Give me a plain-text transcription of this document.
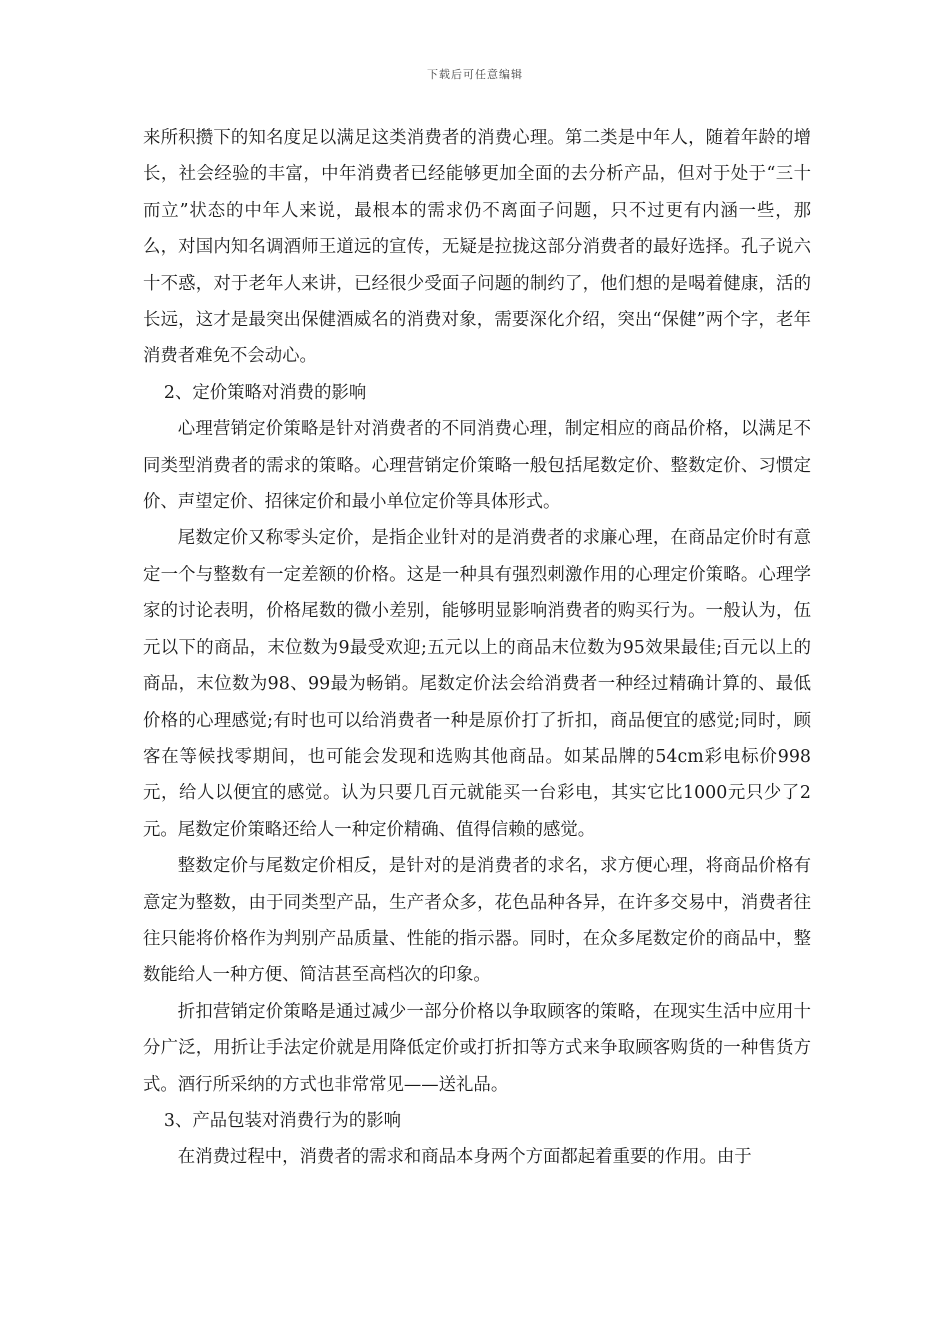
下载后可任意编辑

来所积攒下的知名度足以满足这类消费者的消费心理。第二类是中年人，随着年龄的增长，社会经验的丰富，中年消费者已经能够更加全面的去分析产品，但对于处于“三十而立”状态的中年人来说，最根本的需求仍不离面子问题，只不过更有内涵一些，那么，对国内知名调酒师王道远的宣传，无疑是拉拢这部分消费者的最好选择。孔子说六十不惑，对于老年人来讲，已经很少受面子问题的制约了，他们想的是喝着健康，活的长远，这才是最突出保健酒威名的消费对象，需要深化介绍，突出“保健”两个字，老年消费者难免不会动心。

2、定价策略对消费的影响

心理营销定价策略是针对消费者的不同消费心理，制定相应的商品价格，以满足不同类型消费者的需求的策略。心理营销定价策略一般包括尾数定价、整数定价、习惯定价、声望定价、招徕定价和最小单位定价等具体形式。

尾数定价又称零头定价，是指企业针对的是消费者的求廉心理，在商品定价时有意定一个与整数有一定差额的价格。这是一种具有强烈刺激作用的心理定价策略。心理学家的讨论表明，价格尾数的微小差别，能够明显影响消费者的购买行为。一般认为，伍元以下的商品，末位数为9最受欢迎;五元以上的商品末位数为95效果最佳;百元以上的商品，末位数为98、99最为畅销。尾数定价法会给消费者一种经过精确计算的、最低价格的心理感觉;有时也可以给消费者一种是原价打了折扣，商品便宜的感觉;同时，顾客在等候找零期间，也可能会发现和选购其他商品。如某品牌的54cm彩电标价998元，给人以便宜的感觉。认为只要几百元就能买一台彩电，其实它比1000元只少了2元。尾数定价策略还给人一种定价精确、值得信赖的感觉。

整数定价与尾数定价相反，是针对的是消费者的求名，求方便心理，将商品价格有意定为整数，由于同类型产品，生产者众多，花色品种各异，在许多交易中，消费者往往只能将价格作为判别产品质量、性能的指示器。同时，在众多尾数定价的商品中，整数能给人一种方便、简洁甚至高档次的印象。

折扣营销定价策略是通过减少一部分价格以争取顾客的策略，在现实生活中应用十分广泛，用折让手法定价就是用降低定价或打折扣等方式来争取顾客购货的一种售货方式。酒行所采纳的方式也非常常见——送礼品。

3、产品包装对消费行为的影响

在消费过程中，消费者的需求和商品本身两个方面都起着重要的作用。由于
